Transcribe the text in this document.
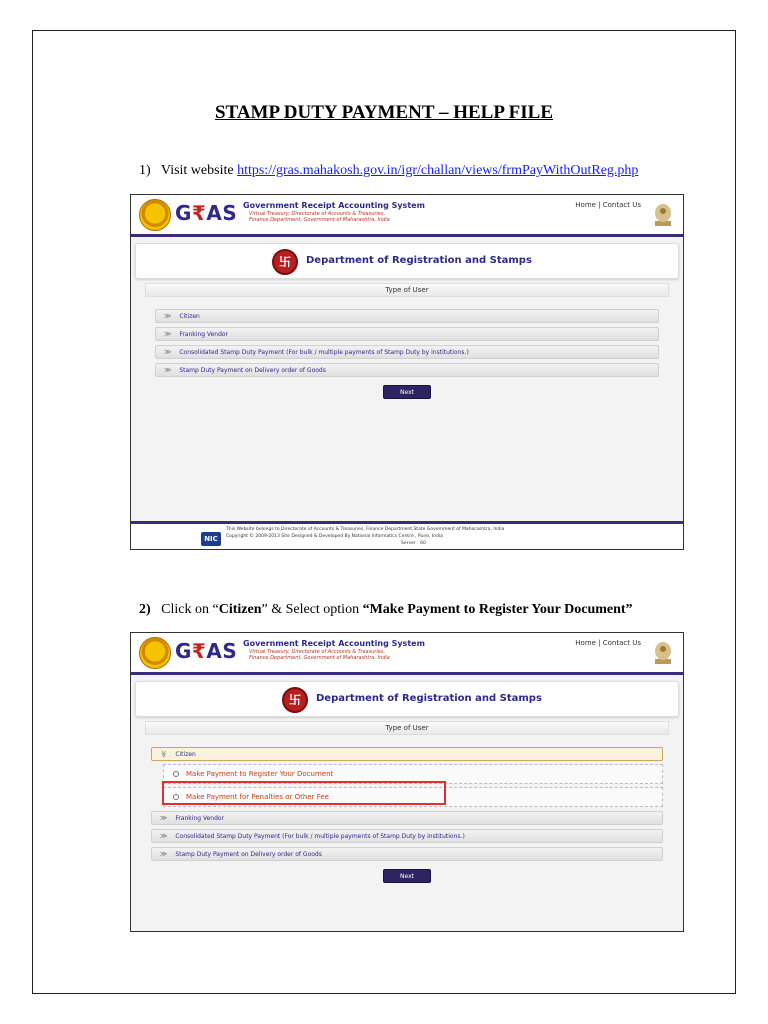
STAMP DUTY PAYMENT – HELP FILE
1) Visit website https://gras.mahakosh.gov.in/igr/challan/views/frmPayWithOutReg.php
G₹AS Government Receipt Accounting System
Virtual Treasury, Directorate of Accounts & Treasuries,
Finance Department, Government of Maharashtra, India
Home | Contact Us
卐	Department of Registration and Stamps
Type of User
≫ Citizen
≫ Franking Vendor
≫ Consolidated Stamp Duty Payment (For bulk / multiple payments of Stamp Duty by institutions.)
≫ Stamp Duty Payment on Delivery order of Goods
Next
NIC
This Website belongs to Directorate of Accounts & Treasuries, Finance Department,State Government of Maharashtra, India
Copyright © 2009-2013 Site Designed & Developed By National Informatics Centre , Pune, India
Server : 60
2) Click on “Citizen” & Select option “Make Payment to Register Your Document”
G₹AS Government Receipt Accounting System
Virtual Treasury, Directorate of Accounts & Treasuries,
Finance Department, Government of Maharashtra, India
Home | Contact Us
卐	Department of Registration and Stamps
Type of User
≫ Citizen
Make Payment to Register Your Document
Make Payment for Penalties or Other Fee
≫ Franking Vendor
≫ Consolidated Stamp Duty Payment (For bulk / multiple payments of Stamp Duty by institutions.)
≫ Stamp Duty Payment on Delivery order of Goods
Next
